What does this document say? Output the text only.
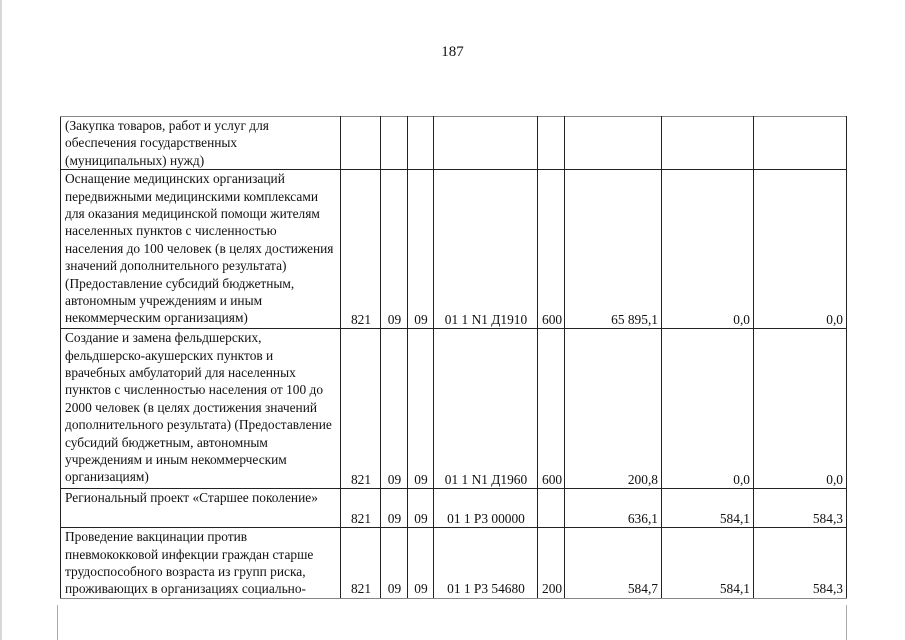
187
(Закупка товаров, работ и услуг для обеспечения государственных (муниципальных) нужд)								
Оснащение медицинских организаций передвижными медицинскими комплексами для оказания медицинской помощи жителям населенных пунктов с численностью населения до 100 человек (в целях достижения значений дополнительного результата) (Предоставление субсидий бюджетным, автономным учреждениям и иным некоммерческим организациям)	821	09	09	01 1 N1 Д1910	600	65 895,1	0,0	0,0
Создание и замена фельдшерских, фельдшерско-акушерских пунктов и врачебных амбулаторий для населенных пунктов с численностью населения от 100 до 2000 человек (в целях достижения значений дополнительного результата) (Предоставление субсидий бюджетным, автономным учреждениям и иным некоммерческим организациям)	821	09	09	01 1 N1 Д1960	600	200,8	0,0	0,0
Региональный проект «Старшее поколение»	821	09	09	01 1 P3 00000		636,1	584,1	584,3
Проведение вакцинации против пневмококковой инфекции граждан старше трудоспособного возраста из групп риска, проживающих в организациях социально-	821	09	09	01 1 P3 54680	200	584,7	584,1	584,3
